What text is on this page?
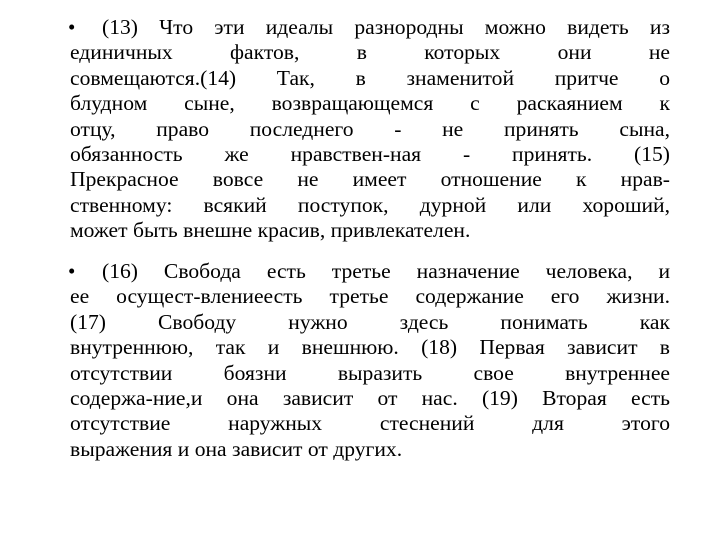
•	(13) Что эти идеалы разнородны можно видеть из
единичных фактов, в которых они не
совмещаются.(14) Так, в знаменитой притче о
блудном сыне, возвращающемся с раскаянием к
отцу, право последнего - не принять сына,
обязанность же нравствен-ная - принять. (15)
Прекрасное вовсе не имеет отношение к нрав-
ственному: всякий поступок, дурной или хороший,
может быть внешне красив, привлекателен.
•	(16) Свобода есть третье назначение человека, и
ее осущест-влениеесть третье содержание его жизни.
(17) Свободу нужно здесь понимать как
внутреннюю, так и внешнюю. (18) Первая зависит в
отсутствии боязни выразить свое внутреннее
содержа-ние,и она зависит от нас. (19) Вторая есть
отсутствие наружных стеснений для этого
выражения и она зависит от других.
